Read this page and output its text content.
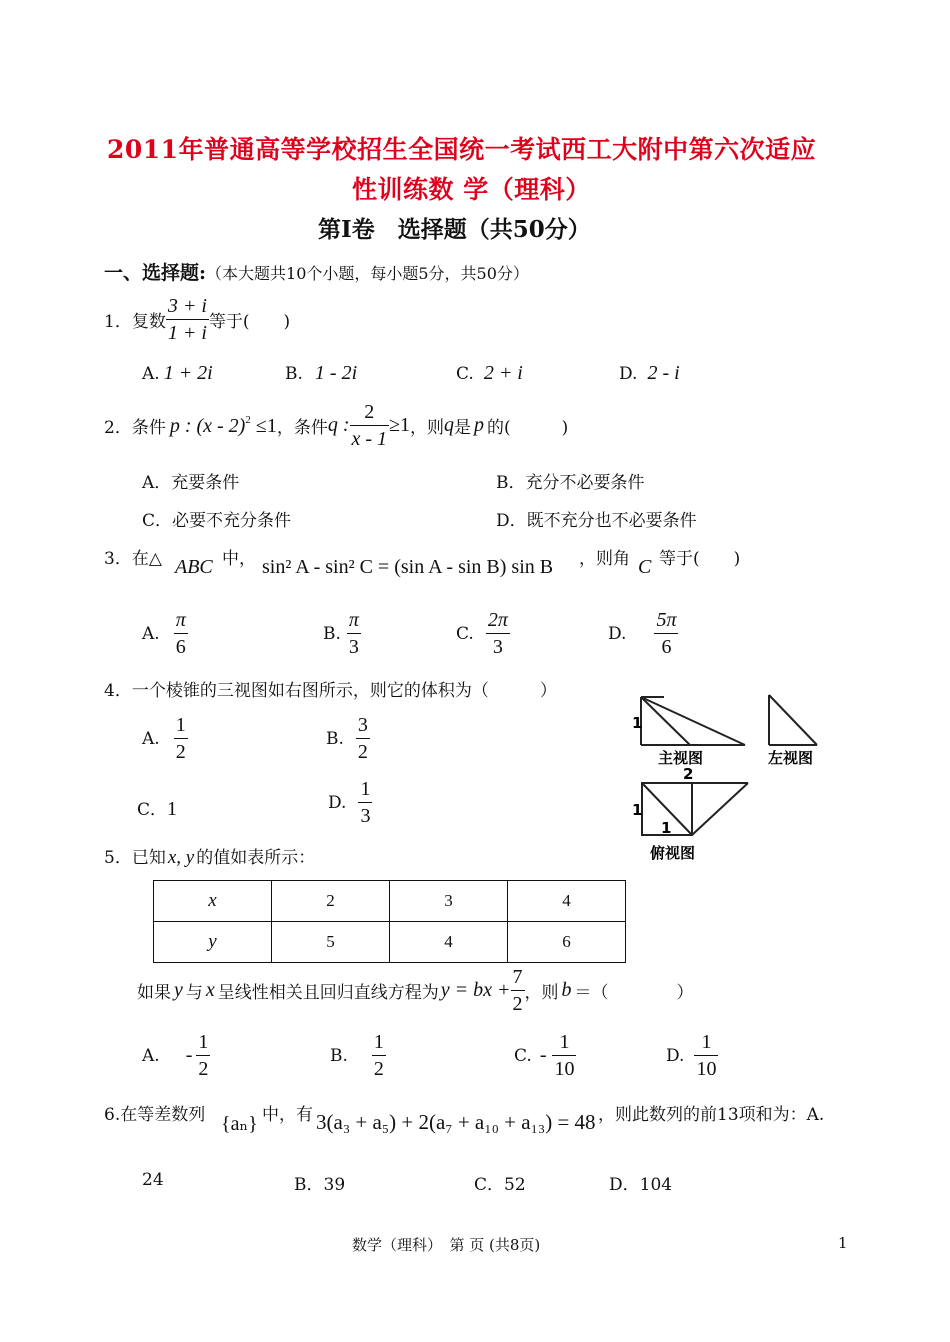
2011年普通高等学校招生全国统一考试西工大附中第六次适应
性训练数 学（理科）
第Ⅰ卷　选择题（共50分）
一、选择题:（本大题共10个小题，每小题5分，共50分）
1．复数 $\frac{3 + i}{1 + i}$ 等于(　　)
A. 1 + 2i	B. 1 - 2i	C. 2 + i	D. 2 - i
2．条件 p : (x - 2)$^2$ ≤1 ，条件 q : $\frac{2}{x - 1} \ge 1$ ，则 q 是 p 的(　　　)
A．充要条件	B．充分不必要条件
C．必要不充分条件	D．既不充分也不必要条件
3．在△ ABC 中， sin² A - sin² C = (sin A - sin B) sin B ，则角 C 等于(　　)
A. $\frac{\pi}{6}$	B. $\frac{\pi}{3}$	C. $\frac{2\pi}{3}$	D. $\frac{5\pi}{6}$
4．一个棱锥的三视图如右图所示，则它的体积为（　　　）
A. $\frac{1}{2}$	B. $\frac{3}{2}$
C．1	D. $\frac{1}{3}$
1
主视图
2
左视图
1
1
俯视图
5．已知 x, y 的值如表所示：
x	2	3	4
y	5	4	6
如果 y 与 x 呈线性相关且回归直线方程为 y = bx + $\frac{7}{2}$ ，则 b ＝（　　　　）
A. - $\frac{1}{2}$	B. $\frac{1}{2}$	C. - $\frac{1}{10}$	D. $\frac{1}{10}$
6.在等差数列 {aₙ} 中，有 3(a₃ + a₅) + 2(a₇ + a₁₀ + a₁₃) = 48 ，则此数列的前13项和为：A.
24	B．39	C．52	D．104
数学（理科）　第 页 (共8页)	1
